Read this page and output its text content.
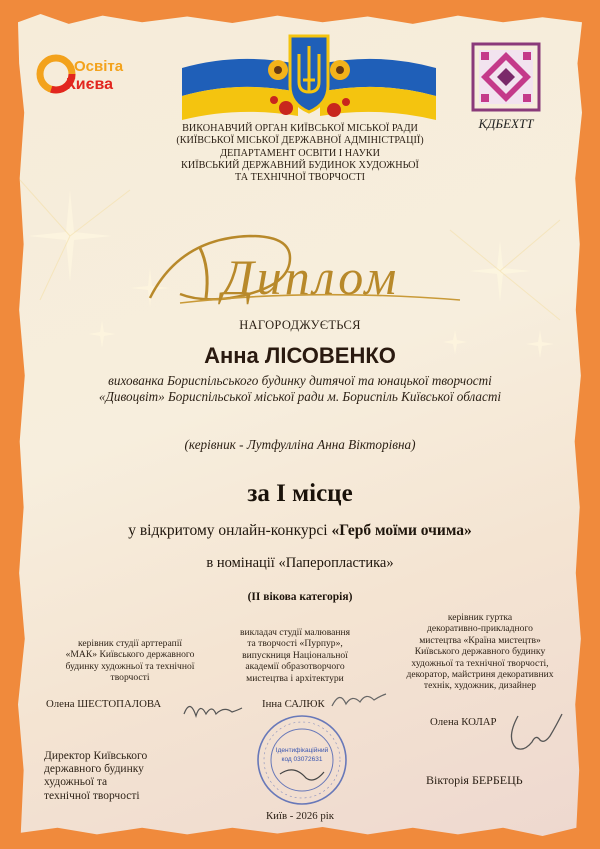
Освіта
Києва
КДБЕХТТ
ВИКОНАВЧИЙ ОРГАН КИЇВСЬКОЇ МІСЬКОЇ РАДИ
(КИЇВСЬКОЇ МІСЬКОЇ ДЕРЖАВНОЇ АДМІНІСТРАЦІЇ)
ДЕПАРТАМЕНТ ОСВІТИ І НАУКИ
КИЇВСЬКИЙ ДЕРЖАВНИЙ БУДИНОК ХУДОЖНЬОЇ
ТА ТЕХНІЧНОЇ ТВОРЧОСТІ
Диплом
НАГОРОДЖУЄТЬСЯ
Анна ЛІСОВЕНКО
вихованка Бориспільського будинку дитячої та юнацької творчості
«Дивоцвіт» Бориспільської міської ради м. Бориспіль Київської області
(керівник - Лутфулліна Анна Вікторівна)
за І місце
у відкритому онлайн-конкурсі «Герб моїми очима»
в номінації «Паперопластика»
(ІІ вікова категорія)
керівник студії арттерапії
«МАК» Київського державного
будинку художньої та технічної
творчості
Олена ШЕСТОПАЛОВА
викладач студії малювання
та творчості «Пурпур»,
випускниця Національної
академії образотворчого
мистецтва і архітектури
Інна САЛЮК
керівник гуртка
декоративно-прикладного
мистецтва «Країна мистецтв»
Київського державного будинку
художньої та технічної творчості,
декоратор, майстриня декоративних
технік, художник, дизайнер
Олена КОЛАР
Директор Київського
державного будинку
художньої та
технічної творчості
Вікторія БЕРБЕЦЬ
Ідентифікаційний
код 03072631
Київ - 2026 рік
